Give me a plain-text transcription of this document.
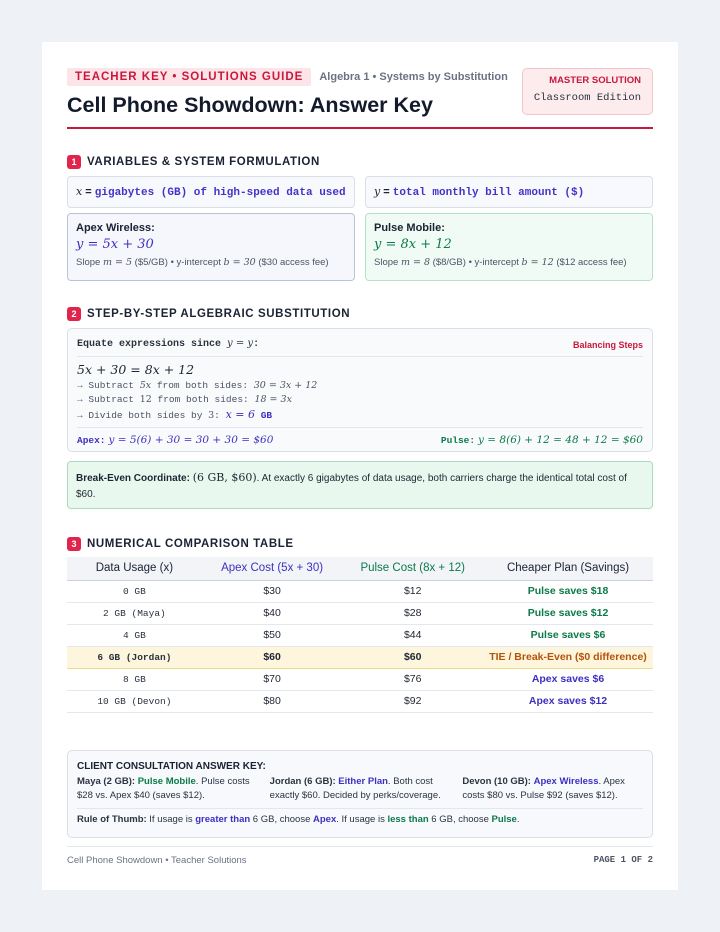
TEACHER KEY • SOLUTIONS GUIDE	Algebra 1 • Systems by Substitution
Cell Phone Showdown: Answer Key
MASTER SOLUTION
Classroom Edition
1 VARIABLES & SYSTEM FORMULATION
x = gigabytes (GB) of high-speed data used	y = total monthly bill amount ($)
Apex Wireless:
y = 5x + 30
Slope m = 5 ($5/GB) • y-intercept b = 30 ($30 access fee)
Pulse Mobile:
y = 8x + 12
Slope m = 8 ($8/GB) • y-intercept b = 12 ($12 access fee)
2 STEP-BY-STEP ALGEBRAIC SUBSTITUTION
Equate expressions since y = y:	Balancing Steps
5x + 30 = 8x + 12
→ Subtract 5x from both sides: 30 = 3x + 12
→ Subtract 12 from both sides: 18 = 3x
→ Divide both sides by 3: x = 6 GB
Apex: y = 5(6) + 30 = 30 + 30 = $60	Pulse: y = 8(6) + 12 = 48 + 12 = $60
Break-Even Coordinate: (6 GB, $60). At exactly 6 gigabytes of data usage, both carriers charge the identical total cost of $60.
3 NUMERICAL COMPARISON TABLE
Data Usage (x)	Apex Cost (5x + 30)	Pulse Cost (8x + 12)	Cheaper Plan (Savings)
0 GB	$30	$12	Pulse saves $18
2 GB (Maya)	$40	$28	Pulse saves $12
4 GB	$50	$44	Pulse saves $6
6 GB (Jordan)	$60	$60	TIE / Break-Even ($0 difference)
8 GB	$70	$76	Apex saves $6
10 GB (Devon)	$80	$92	Apex saves $12
CLIENT CONSULTATION ANSWER KEY:
Maya (2 GB): Pulse Mobile. Pulse costs $28 vs. Apex $40 (saves $12).
Jordan (6 GB): Either Plan. Both cost exactly $60. Decided by perks/coverage.
Devon (10 GB): Apex Wireless. Apex costs $80 vs. Pulse $92 (saves $12).
Rule of Thumb: If usage is greater than 6 GB, choose Apex. If usage is less than 6 GB, choose Pulse.
Cell Phone Showdown • Teacher Solutions	PAGE 1 OF 2
